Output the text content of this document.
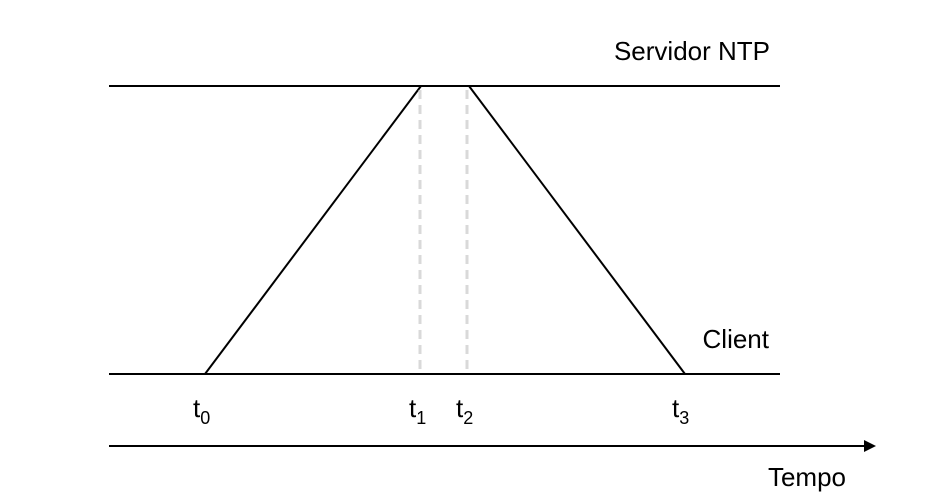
Servidor NTP
Client
Tempo
$t_0$	$t_1$ $t_2$	$t_3$
